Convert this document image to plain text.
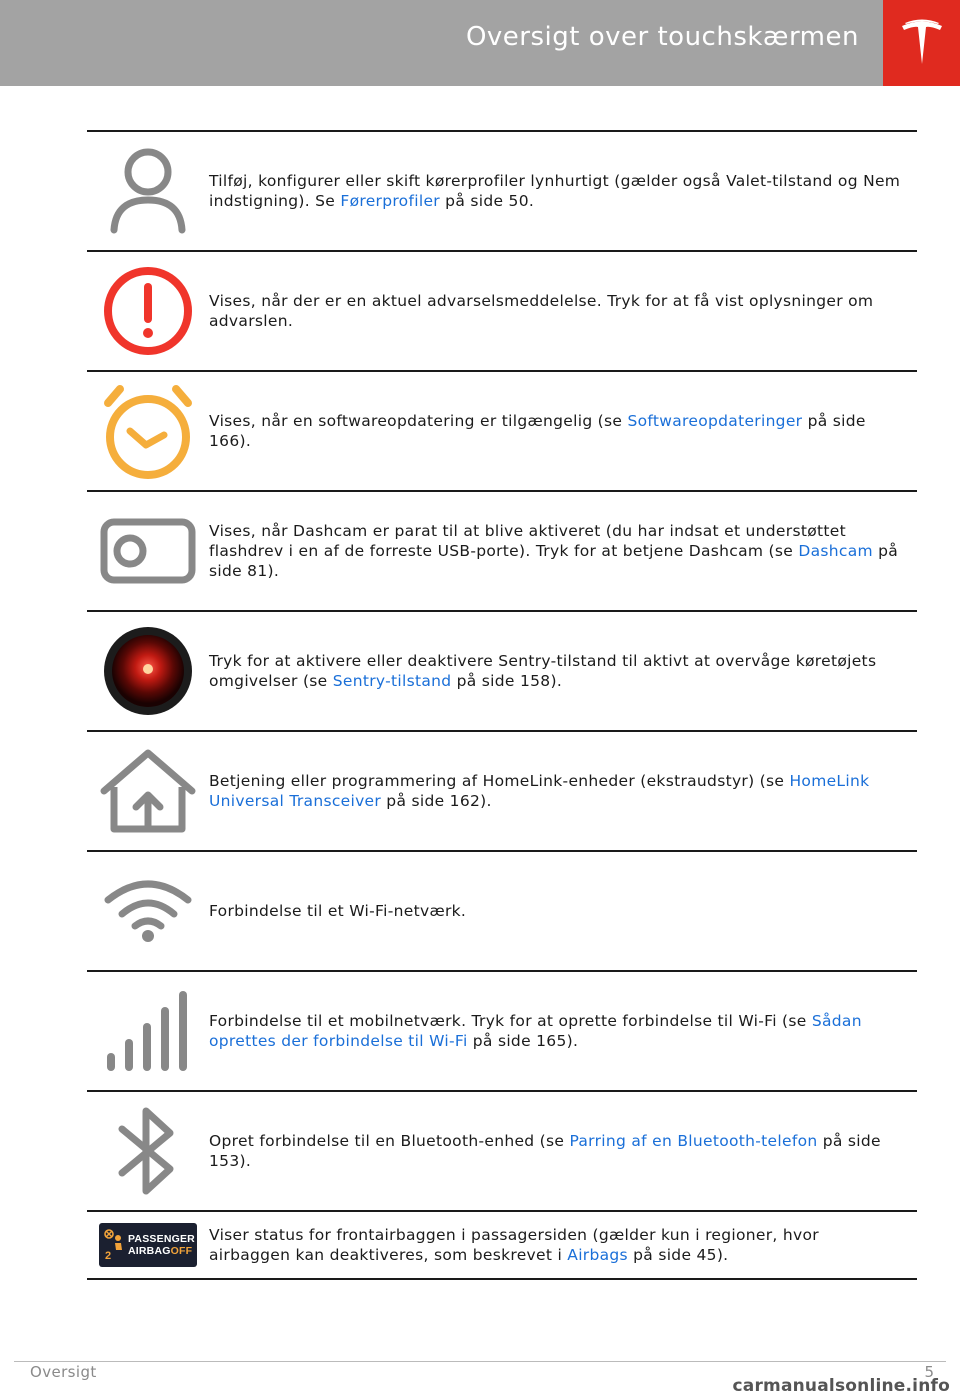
Oversigt over touchskærmen
Tilføj, konfigurer eller skift kørerprofiler lynhurtigt (gælder også Valet-tilstand og Nem indstigning). Se Førerprofiler på side 50.
Vises, når der er en aktuel advarselsmeddelelse. Tryk for at få vist oplysninger om advarslen.
Vises, når en softwareopdatering er tilgængelig (se Softwareopdateringer på side 166).
Vises, når Dashcam er parat til at blive aktiveret (du har indsat et understøttet flashdrev i en af de forreste USB-porte). Tryk for at betjene Dashcam (se Dashcam på side 81).
Tryk for at aktivere eller deaktivere Sentry-tilstand til aktivt at overvåge køretøjets omgivelser (se Sentry-tilstand på side 158).
Betjening eller programmering af HomeLink-enheder (ekstraudstyr) (se HomeLink Universal Transceiver på side 162).
Forbindelse til et Wi-Fi-netværk.
Forbindelse til et mobilnetværk. Tryk for at oprette forbindelse til Wi-Fi (se Sådan oprettes der forbindelse til Wi-Fi på side 165).
Opret forbindelse til en Bluetooth-enhed (se Parring af en Bluetooth-telefon på side 153).
2
PASSENGER
AIRBAGOFF
Viser status for frontairbaggen i passagersiden (gælder kun i regioner, hvor airbaggen kan deaktiveres, som beskrevet i Airbags på side 45).
Oversigt	5
carmanualsonline.info
